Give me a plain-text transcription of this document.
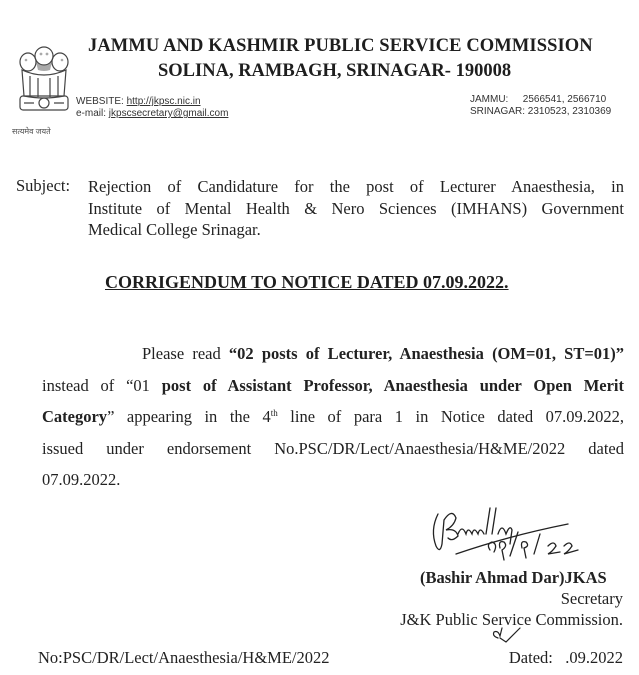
सत्यमेव जयते
JAMMU AND KASHMIR PUBLIC SERVICE COMMISSION
SOLINA, RAMBAGH, SRINAGAR- 190008
WEBSITE: http://jkpsc.nic.in
e-mail: jkpscsecretary@gmail.com
JAMMU: 2566541, 2566710
SRINAGAR: 2310523, 2310369
Subject: Rejection of Candidature for the post of Lecturer Anaesthesia, in
Institute of Mental Health & Nero Sciences (IMHANS) Government
Medical College Srinagar.
CORRIGENDUM TO NOTICE DATED 07.09.2022.
Please read “02 posts of Lecturer, Anaesthesia (OM=01, ST=01)”
instead of “01 post of Assistant Professor, Anaesthesia under Open Merit
Category” appearing in the 4th line of para 1 in Notice dated 07.09.2022,
issued under endorsement No.PSC/DR/Lect/Anaesthesia/H&ME/2022 dated
07.09.2022.
(Bashir Ahmad Dar)JKAS
Secretary
J&K Public Service Commission.
No:PSC/DR/Lect/Anaesthesia/H&ME/2022	Dated:   .09.2022
